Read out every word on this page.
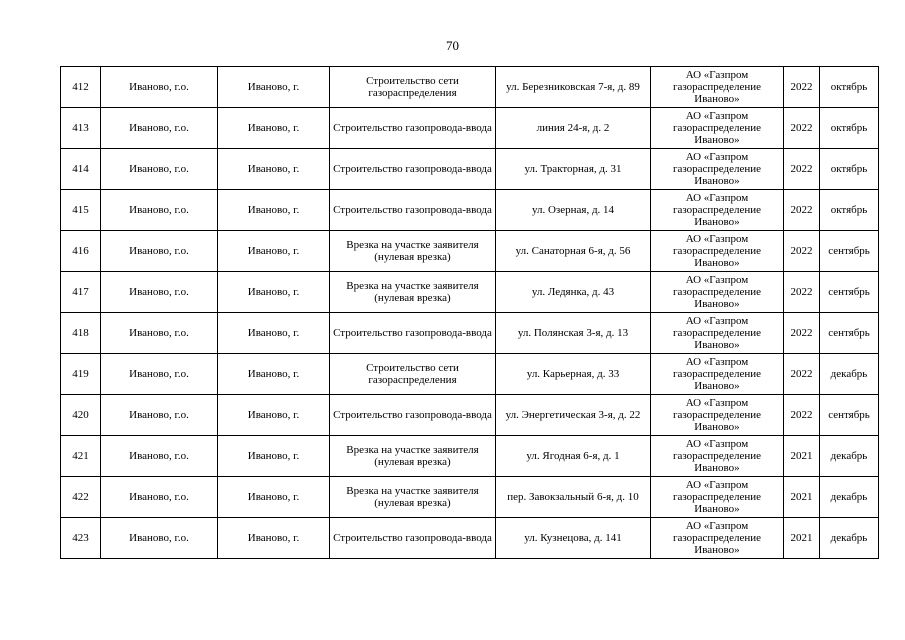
70
412	Иваново, г.о.	Иваново, г.	Строительство сети газораспределения	ул. Березниковская 7-я, д. 89	АО «Газпром газораспределение Иваново»	2022	октябрь
413	Иваново, г.о.	Иваново, г.	Строительство газопровода-ввода	линия 24-я, д. 2	АО «Газпром газораспределение Иваново»	2022	октябрь
414	Иваново, г.о.	Иваново, г.	Строительство газопровода-ввода	ул. Тракторная, д. 31	АО «Газпром газораспределение Иваново»	2022	октябрь
415	Иваново, г.о.	Иваново, г.	Строительство газопровода-ввода	ул. Озерная, д. 14	АО «Газпром газораспределение Иваново»	2022	октябрь
416	Иваново, г.о.	Иваново, г.	Врезка на участке заявителя (нулевая врезка)	ул. Санаторная 6-я, д. 56	АО «Газпром газораспределение Иваново»	2022	сентябрь
417	Иваново, г.о.	Иваново, г.	Врезка на участке заявителя (нулевая врезка)	ул. Ледянка, д. 43	АО «Газпром газораспределение Иваново»	2022	сентябрь
418	Иваново, г.о.	Иваново, г.	Строительство газопровода-ввода	ул. Полянская 3-я, д. 13	АО «Газпром газораспределение Иваново»	2022	сентябрь
419	Иваново, г.о.	Иваново, г.	Строительство сети газораспределения	ул. Карьерная, д. 33	АО «Газпром газораспределение Иваново»	2022	декабрь
420	Иваново, г.о.	Иваново, г.	Строительство газопровода-ввода	ул. Энергетическая 3-я, д. 22	АО «Газпром газораспределение Иваново»	2022	сентябрь
421	Иваново, г.о.	Иваново, г.	Врезка на участке заявителя (нулевая врезка)	ул. Ягодная 6-я, д. 1	АО «Газпром газораспределение Иваново»	2021	декабрь
422	Иваново, г.о.	Иваново, г.	Врезка на участке заявителя (нулевая врезка)	пер. Завокзальный 6-я, д. 10	АО «Газпром газораспределение Иваново»	2021	декабрь
423	Иваново, г.о.	Иваново, г.	Строительство газопровода-ввода	ул. Кузнецова, д. 141	АО «Газпром газораспределение Иваново»	2021	декабрь
